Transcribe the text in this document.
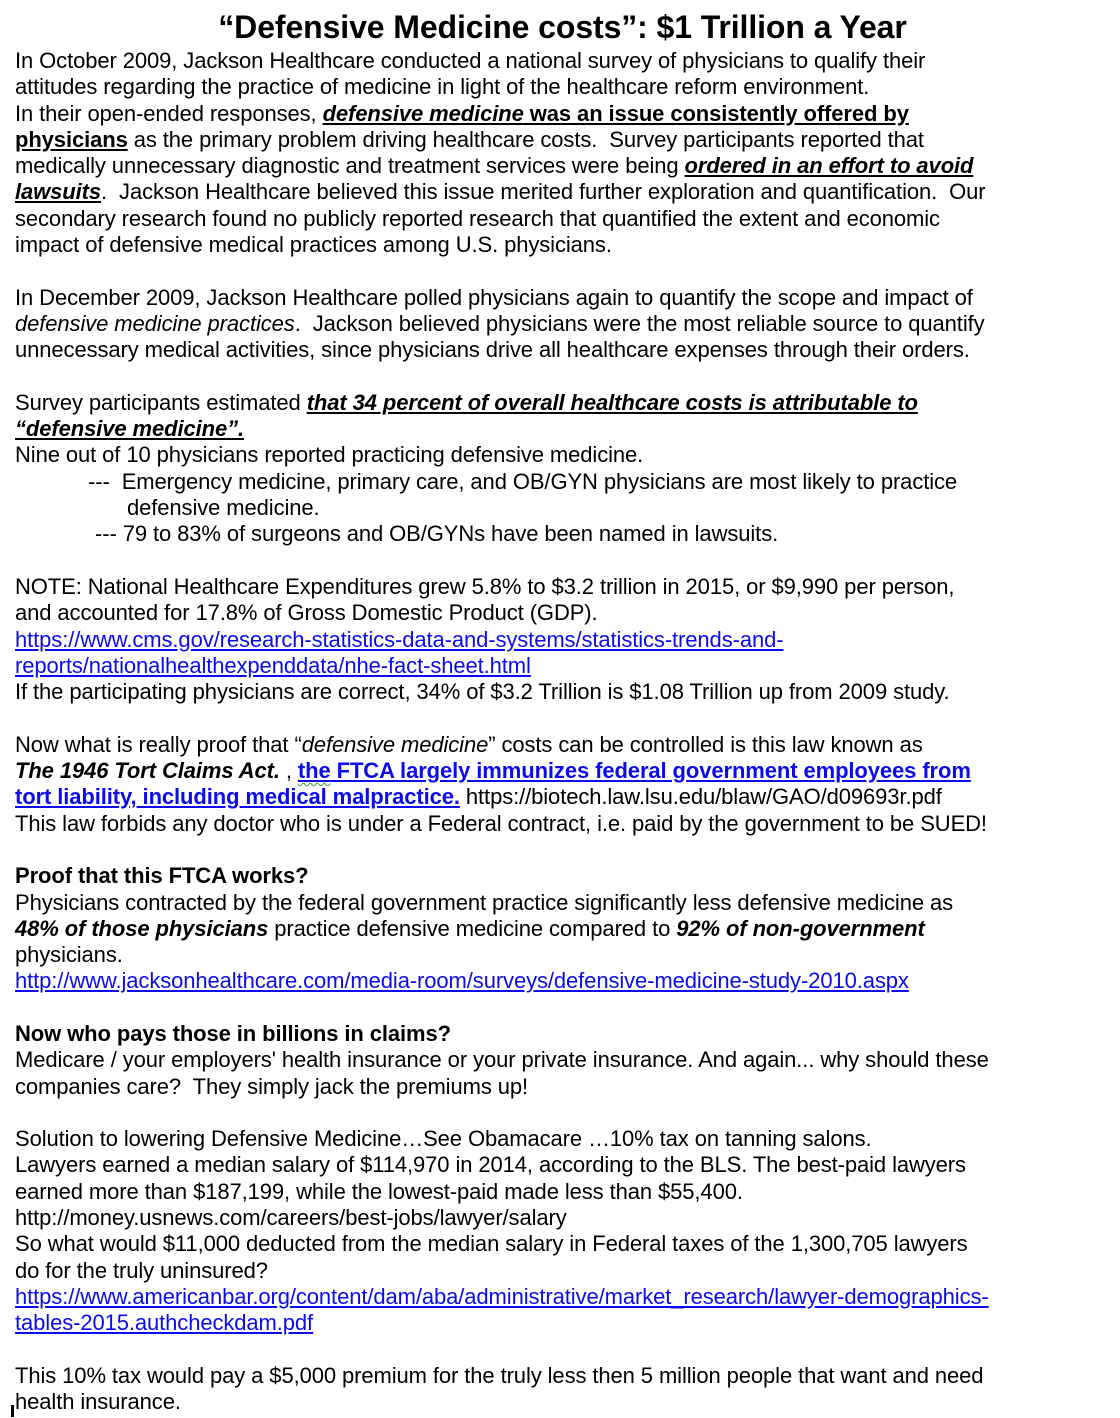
“Defensive Medicine costs”: $1 Trillion a Year
In October 2009, Jackson Healthcare conducted a national survey of physicians to qualify their
attitudes regarding the practice of medicine in light of the healthcare reform environment.
In their open-ended responses, defensive medicine was an issue consistently offered by
physicians as the primary problem driving healthcare costs.  Survey participants reported that
medically unnecessary diagnostic and treatment services were being ordered in an effort to avoid
lawsuits.  Jackson Healthcare believed this issue merited further exploration and quantification.  Our
secondary research found no publicly reported research that quantified the extent and economic
impact of defensive medical practices among U.S. physicians.
In December 2009, Jackson Healthcare polled physicians again to quantify the scope and impact of
defensive medicine practices.  Jackson believed physicians were the most reliable source to quantify
unnecessary medical activities, since physicians drive all healthcare expenses through their orders.
Survey participants estimated that 34 percent of overall healthcare costs is attributable to
“defensive medicine”.
Nine out of 10 physicians reported practicing defensive medicine.
---  Emergency medicine, primary care, and OB/GYN physicians are most likely to practice
defensive medicine.
--- 79 to 83% of surgeons and OB/GYNs have been named in lawsuits.
NOTE: National Healthcare Expenditures grew 5.8% to $3.2 trillion in 2015, or $9,990 per person,
and accounted for 17.8% of Gross Domestic Product (GDP).
https://www.cms.gov/research-statistics-data-and-systems/statistics-trends-and-
reports/nationalhealthexpenddata/nhe-fact-sheet.html
If the participating physicians are correct, 34% of $3.2 Trillion is $1.08 Trillion up from 2009 study.
Now what is really proof that “defensive medicine” costs can be controlled is this law known as
The 1946 Tort Claims Act. , the FTCA largely immunizes federal government employees from
tort liability, including medical malpractice. https://biotech.law.lsu.edu/blaw/GAO/d09693r.pdf
This law forbids any doctor who is under a Federal contract, i.e. paid by the government to be SUED!
Proof that this FTCA works?
Physicians contracted by the federal government practice significantly less defensive medicine as
48% of those physicians practice defensive medicine compared to 92% of non-government
physicians.
http://www.jacksonhealthcare.com/media-room/surveys/defensive-medicine-study-2010.aspx
Now who pays those in billions in claims?
Medicare / your employers' health insurance or your private insurance. And again... why should these
companies care?  They simply jack the premiums up!
Solution to lowering Defensive Medicine…See Obamacare …10% tax on tanning salons.
Lawyers earned a median salary of $114,970 in 2014, according to the BLS. The best-paid lawyers
earned more than $187,199, while the lowest-paid made less than $55,400.
http://money.usnews.com/careers/best-jobs/lawyer/salary
So what would $11,000 deducted from the median salary in Federal taxes of the 1,300,705 lawyers
do for the truly uninsured?
https://www.americanbar.org/content/dam/aba/administrative/market_research/lawyer-demographics-
tables-2015.authcheckdam.pdf
This 10% tax would pay a $5,000 premium for the truly less then 5 million people that want and need
health insurance.
